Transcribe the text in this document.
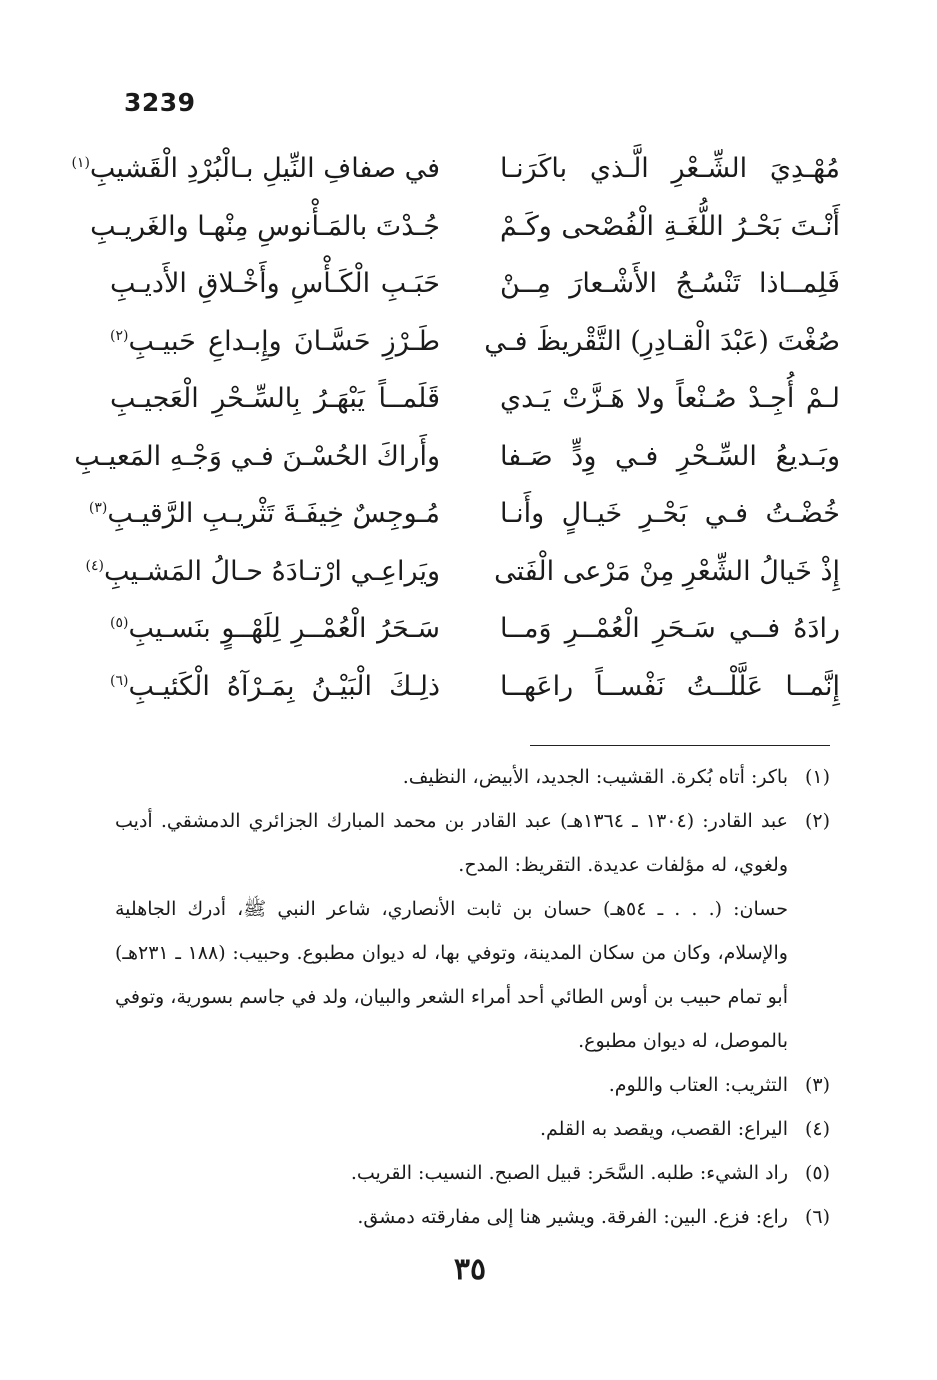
3239
مُهْـدِيَ الشِّـعْرِ الَّـذي باكَرَنـا
في صفافِ النِّيلِ بـالْبُرْدِ الْقَشيبِ$^{(١)}$
أَنْـتَ بَحْـرُ اللُّغَـةِ الْفُصْحى وكَـمْ
جُـدْتَ بالمَـأْنوسِ مِنْهـا والغَريـبِ
فَلِمــاذا تَنْسُـجُ الأَشْـعارَ مِــنْ
حَبَـبِ الْكَـأْسِ وأَخْـلاقِ الأَديـبِ
صُغْتَ (عَبْدَ الْقـادِرِ) التَّقْريظَ فـي
طَـرْزِ حَسَّـانَ وإِبـداعِ حَبيـبِ$^{(٢)}$
لـمْ أُجِـدْ صُـنْعاً ولا هَـزَّتْ يَـدي
قَلَمــاً يَبْهَـرُ بِالسِّـحْرِ الْعَجيـبِ
وبَـديعُ السِّـحْرِ فـي وِدٍّ صَـفا
وأَراكَ الحُسْـنَ فـي وَجْـهِ المَعيـبِ
خُضْـتُ فـي بَحْـرِ خَيـالٍ وأَنـا
مُـوجِسٌ خِيفَـةَ تَثْريـبِ الرَّقيـبِ$^{(٣)}$
إِذْ خَيالُ الشِّعْرِ مِنْ مَرْعى الْفَتى
ويَراعِـي ارْتـادَهُ حـالُ المَشـيبِ$^{(٤)}$
رادَهُ فــي سَـحَرِ الْعُمْــرِ وَمــا
سَـحَرُ الْعُمْــرِ لِلَهْــوٍ بنَسـيبِ$^{(٥)}$
إِنَّمــا عَلَّلْــتُ نَفْســاً راعَهــا
ذلِـكَ الْبَيْـنُ بِمَـرْآهُ الْكَئيـبِ$^{(٦)}$
(١)

باكر: أتاه بُكرة. القشيب: الجديد، الأبيض، النظيف.

(٢)

عبد القادر: (١٣٠٤ ـ ١٣٦٤هـ) عبد القادر بن محمد المبارك الجزائري الدمشقي. أديب ولغوي، له مؤلفات عديدة. التقريظ: المدح.

حسان: (. . . ـ ٥٤هـ) حسان بن ثابت الأنصاري، شاعر النبي ﷺ، أدرك الجاهلية والإسلام، وكان من سكان المدينة، وتوفي بها، له ديوان مطبوع. وحبيب: (١٨٨ ـ ٢٣١هـ) أبو تمام حبيب بن أوس الطائي أحد أمراء الشعر والبيان، ولد في جاسم بسورية، وتوفي بالموصل، له ديوان مطبوع.

(٣)

التثريب: العتاب واللوم.

(٤)

اليراع: القصب، ويقصد به القلم.

(٥)

راد الشيء: طلبه. السَّحَر: قبيل الصبح. النسيب: القريب.

(٦)

راع: فزع. البين: الفرقة. ويشير هنا إلى مفارقته دمشق.

٣٥
